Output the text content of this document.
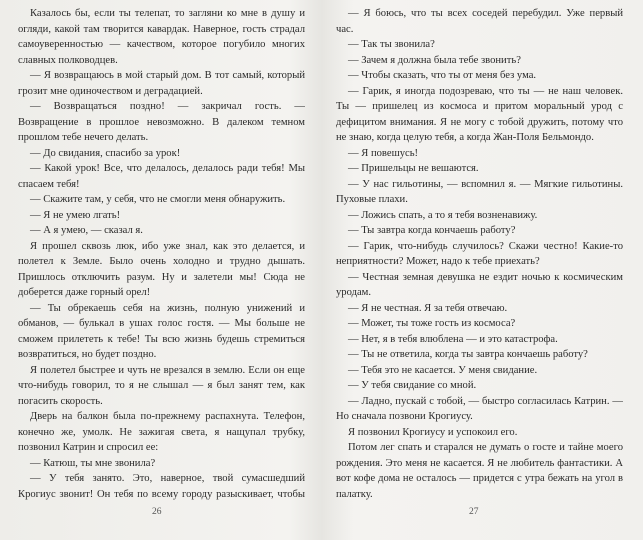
Казалось бы, если ты телепат, то загляни ко мне в душу и огляди, какой там творится кавардак. Наверное, гость страдал самоуверенностью — качеством, которое погубило многих славных полководцев.

— Я возвращаюсь в мой старый дом. В тот самый, который грозит мне одиночеством и деградацией.

— Возвращаться поздно! — закричал гость. — Возвращение в прошлое невозможно. В далеком темном прошлом тебе нечего делать.

— До свидания, спасибо за урок!

— Какой урок! Все, что делалось, делалось ради тебя! Мы спасаем тебя!

— Скажите там, у себя, что не смогли меня обнаружить.

— Я не умею лгать!

— А я умею, — сказал я.

Я прошел сквозь люк, ибо уже знал, как это делается, и полетел к Земле. Было очень холодно и трудно дышать. Пришлось отключить разум. Ну и залетели мы! Сюда не доберется даже горный орел!

— Ты обрекаешь себя на жизнь, полную унижений и обманов, — булькал в ушах голос гостя. — Мы больше не сможем прилететь к тебе! Ты всю жизнь будешь стремиться возвратиться, но будет поздно.

Я полетел быстрее и чуть не врезался в землю. Если он еще что-нибудь говорил, то я не слышал — я был занят тем, как погасить скорость.

Дверь на балкон была по-прежнему распахнута. Телефон, конечно же, умолк. Не зажигая света, я нащупал трубку, позвонил Катрин и спросил ее:

— Катюш, ты мне звонила?

— У тебя занято. Это, наверное, твой сумасшедший Крогиус звонит! Он тебя по всему городу разыскивает, чтобы

26

— Я боюсь, что ты всех соседей перебудил. Уже первый час.

— Так ты звонила?

— Зачем я должна была тебе звонить?

— Чтобы сказать, что ты от меня без ума.

— Гарик, я иногда подозреваю, что ты — не наш человек. Ты — пришелец из космоса и притом моральный урод с дефицитом внимания. Я не могу с тобой дружить, потому что не знаю, когда целую тебя, а когда Жан-Поля Бельмондо.

— Я повешусь!

— Пришельцы не вешаются.

— У нас гильотины, — вспомнил я. — Мягкие гильотины. Пуховые плахи.

— Ложись спать, а то я тебя возненавижу.

— Ты завтра когда кончаешь работу?

— Гарик, что-нибудь случилось? Скажи честно! Какие-то неприятности? Может, надо к тебе приехать?

— Честная земная девушка не ездит ночью к космическим уродам.

— Я не честная. Я за тебя отвечаю.

— Может, ты тоже гость из космоса?

— Нет, я в тебя влюблена — и это катастрофа.

— Ты не ответила, когда ты завтра кончаешь работу?

— Тебя это не касается. У меня свидание.

— У тебя свидание со мной.

— Ладно, пускай с тобой, — быстро согласилась Катрин. — Но сначала позвони Крогиусу.

Я позвонил Крогиусу и успокоил его.

Потом лег спать и старался не думать о госте и тайне моего рождения. Это меня не касается. Я не любитель фантастики. А вот кофе дома не осталось — придется с утра бежать на угол в палатку.

27
